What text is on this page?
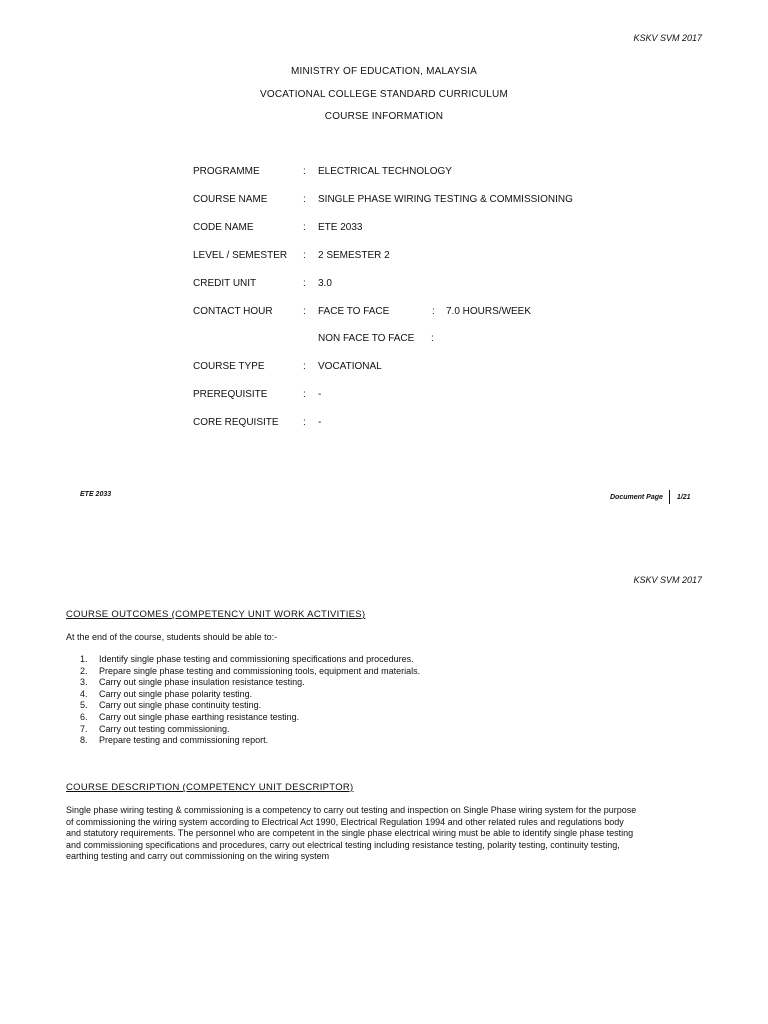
KSKV SVM 2017
MINISTRY OF EDUCATION, MALAYSIA
VOCATIONAL COLLEGE STANDARD CURRICULUM
COURSE INFORMATION
PROGRAMME	: ELECTRICAL TECHNOLOGY
COURSE NAME	: SINGLE PHASE WIRING TESTING & COMMISSIONING
CODE NAME	: ETE 2033
LEVEL / SEMESTER : 2 SEMESTER 2
CREDIT UNIT	: 3.0
CONTACT HOUR	: FACE TO FACE	: 7.0 HOURS/WEEK
NON FACE TO FACE :
COURSE TYPE	: VOCATIONAL
PREREQUISITE	: -
CORE REQUISITE : -
ETE 2033	Document Page 1/21
KSKV SVM 2017
COURSE OUTCOMES (COMPETENCY UNIT WORK ACTIVITIES)
At the end of the course, students should be able to:-
1.	Identify single phase testing and commissioning specifications and procedures.
2.	Prepare single phase testing and commissioning tools, equipment and materials.
3.	Carry out single phase insulation resistance testing.
4.	Carry out single phase polarity testing.
5.	Carry out single phase continuity testing.
6.	Carry out single phase earthing resistance testing.
7.	Carry out testing commissioning.
8.	Prepare testing and commissioning report.
COURSE DESCRIPTION (COMPETENCY UNIT DESCRIPTOR)
Single phase wiring testing & commissioning is a competency to carry out testing and inspection on Single Phase wiring system for the purpose
of commissioning the wiring system according to Electrical Act 1990, Electrical Regulation 1994 and other related rules and regulations body
and statutory requirements. The personnel who are competent in the single phase electrical wiring must be able to identify single phase testing
and commissioning specifications and procedures, carry out electrical testing including resistance testing, polarity testing, continuity testing,
earthing testing and carry out commissioning on the wiring system
